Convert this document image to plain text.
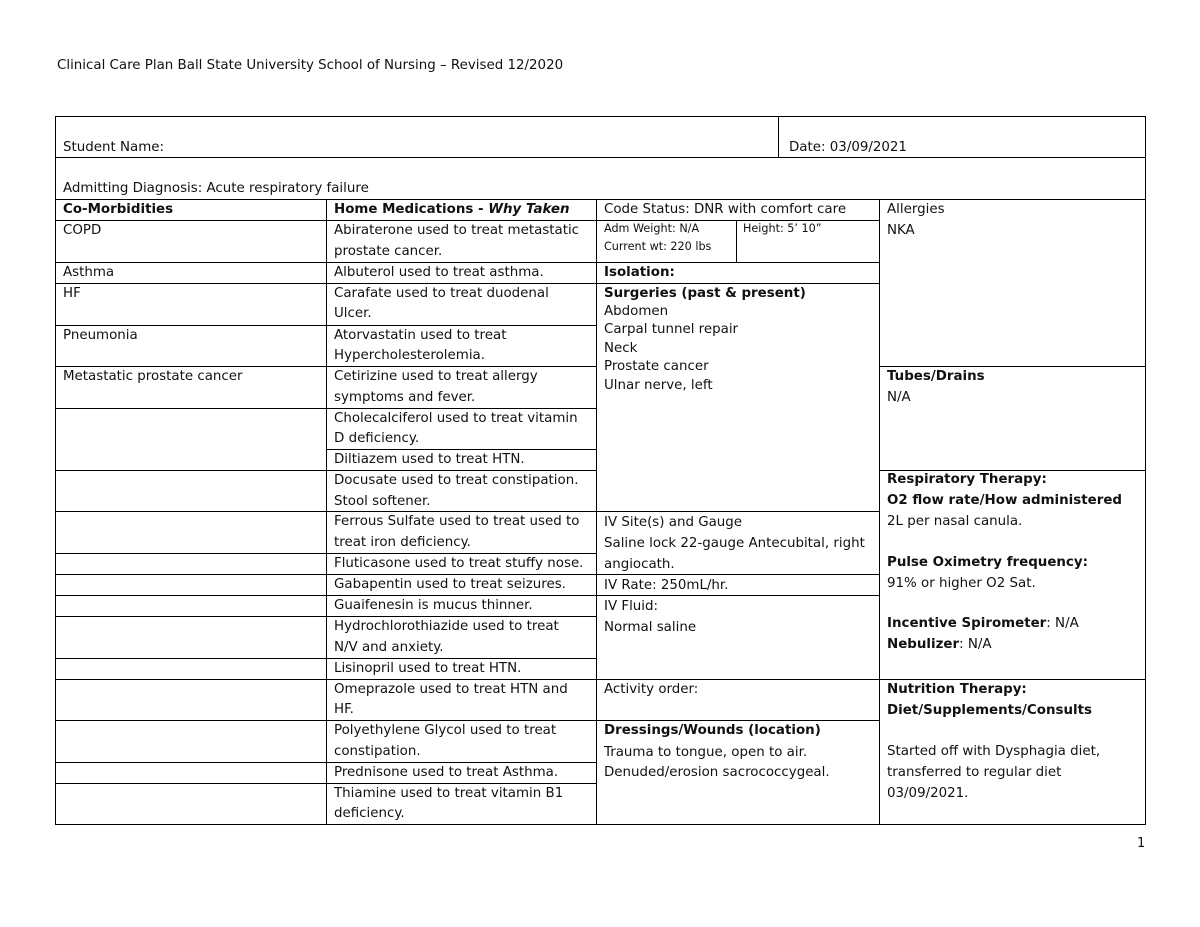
Clinical Care Plan Ball State University School of Nursing – Revised 12/2020
Student Name:	Date: 03/09/2021
Admitting Diagnosis: Acute respiratory failure
Co-Morbidities
COPD
Asthma
HF
Pneumonia
Metastatic prostate cancer
Home Medications - Why Taken
Abiraterone used to treat metastatic
prostate cancer.
Albuterol used to treat asthma.
Carafate used to treat duodenal
Ulcer.
Atorvastatin used to treat
Hypercholesterolemia.
Cetirizine used to treat allergy
symptoms and fever.
Cholecalciferol used to treat vitamin
D deficiency.
Diltiazem used to treat HTN.
Docusate used to treat constipation.
Stool softener.
Ferrous Sulfate used to treat used to
treat iron deficiency.
Fluticasone used to treat stuffy nose.
Gabapentin used to treat seizures.
Guaifenesin is mucus thinner.
Hydrochlorothiazide used to treat
N/V and anxiety.
Lisinopril used to treat HTN.
Omeprazole used to treat HTN and
HF.
Polyethylene Glycol used to treat
constipation.
Prednisone used to treat Asthma.
Thiamine used to treat vitamin B1
deficiency.
Code Status: DNR with comfort care
Adm Weight: N/A
Current wt: 220 lbs
Height: 5’ 10”
Isolation:
Surgeries (past & present)
Abdomen
Carpal tunnel repair
Neck
Prostate cancer
Ulnar nerve, left
IV Site(s) and Gauge
Saline lock 22-gauge Antecubital, right
angiocath.
IV Rate: 250mL/hr.
IV Fluid:
Normal saline
Activity order:
Dressings/Wounds (location)
Trauma to tongue, open to air.
Denuded/erosion sacrococcygeal.
Allergies
NKA
Tubes/Drains
N/A
Respiratory Therapy:
O2 flow rate/How administered
2L per nasal canula.
Pulse Oximetry frequency:
91% or higher O2 Sat.
Incentive Spirometer: N/A
Nebulizer: N/A
Nutrition Therapy:
Diet/Supplements/Consults
Started off with Dysphagia diet,
transferred to regular diet
03/09/2021.
1
